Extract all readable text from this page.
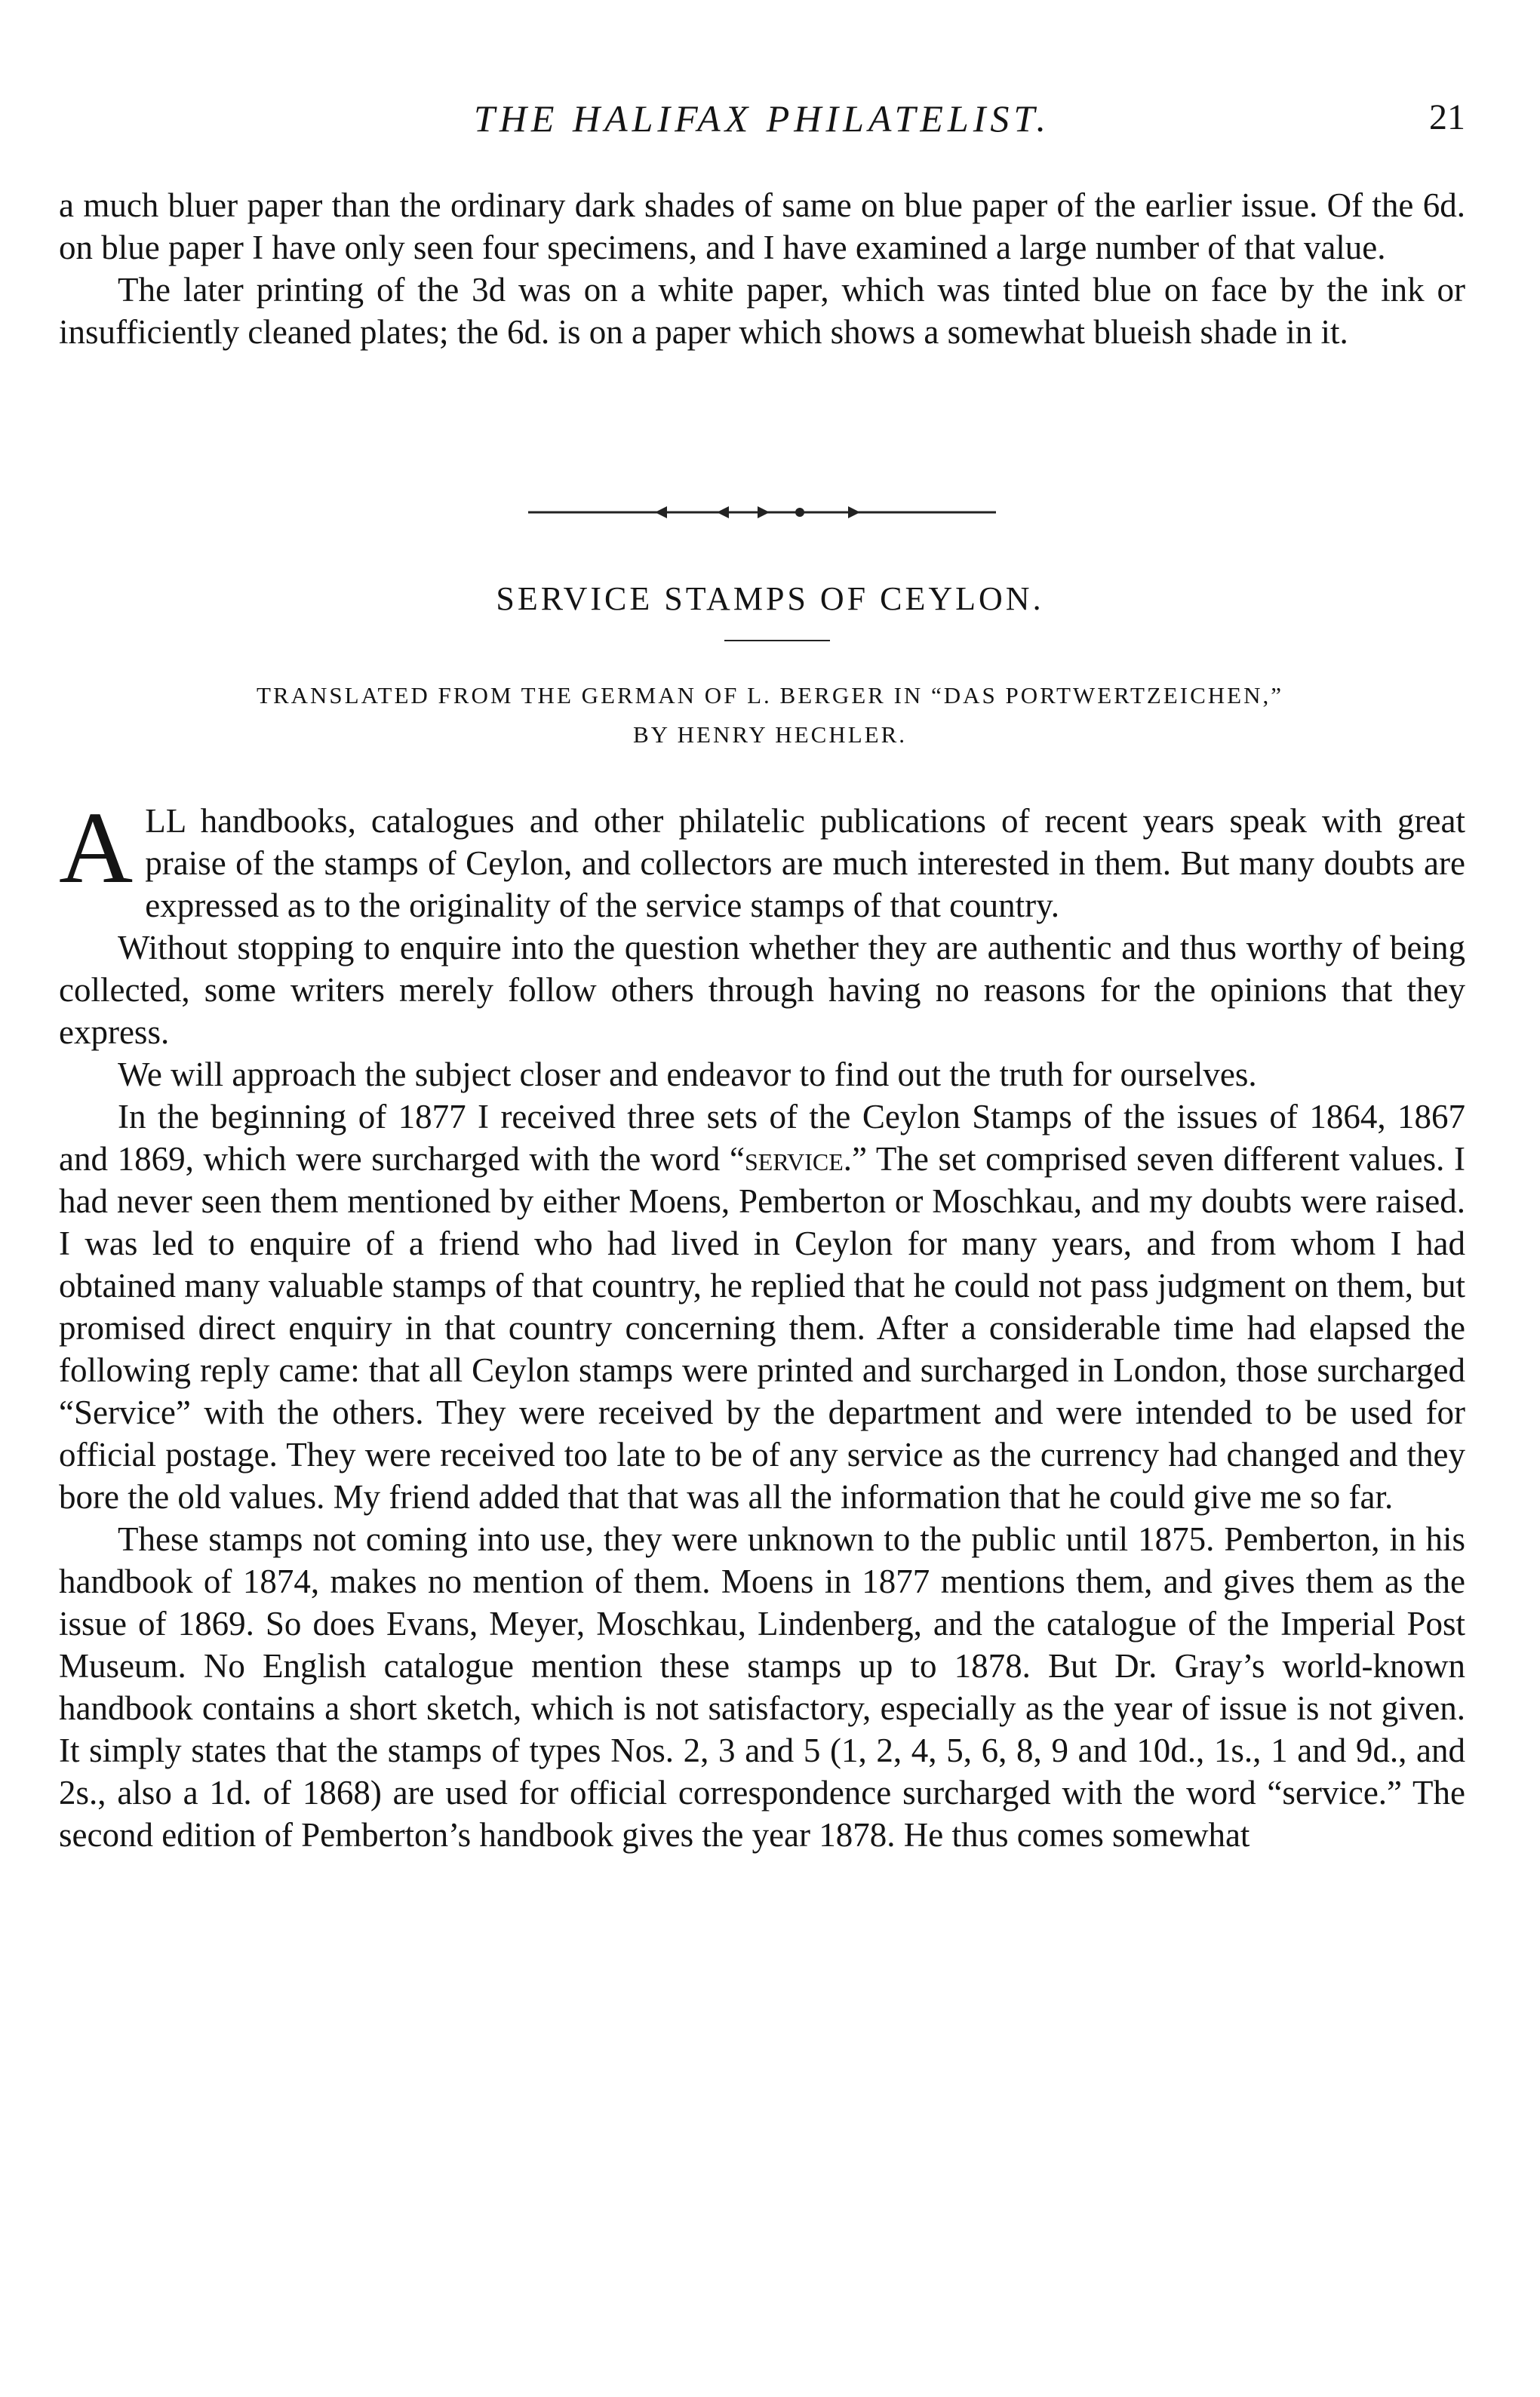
THE HALIFAX PHILATELIST.	21

a much bluer paper than the ordinary dark shades of same on blue paper of the earlier issue. Of the 6d. on blue paper I have only seen four specimens, and I have examined a large number of that value.

The later printing of the 3d was on a white paper, which was tinted blue on face by the ink or insufficiently cleaned plates; the 6d. is on a paper which shows a somewhat blueish shade in it.

SERVICE STAMPS OF CEYLON.
TRANSLATED FROM THE GERMAN OF L. BERGER IN “DAS PORTWERTZEICHEN,”
BY HENRY HECHLER.

ALL handbooks, catalogues and other philatelic publications of recent years speak with great praise of the stamps of Ceylon, and collectors are much interested in them. But many doubts are expressed as to the originality of the service stamps of that country.

Without stopping to enquire into the question whether they are authentic and thus worthy of being collected, some writers merely follow others through having no reasons for the opinions that they express.

We will approach the subject closer and endeavor to find out the truth for ourselves.

In the beginning of 1877 I received three sets of the Ceylon Stamps of the issues of 1864, 1867 and 1869, which were surcharged with the word “service.” The set comprised seven different values. I had never seen them mentioned by either Moens, Pemberton or Moschkau, and my doubts were raised. I was led to enquire of a friend who had lived in Ceylon for many years, and from whom I had obtained many valuable stamps of that country, he replied that he could not pass judgment on them, but promised direct enquiry in that country concerning them. After a considerable time had elapsed the following reply came: that all Ceylon stamps were printed and surcharged in London, those surcharged “Service” with the others. They were received by the department and were intended to be used for official postage. They were received too late to be of any service as the currency had changed and they bore the old values. My friend added that that was all the information that he could give me so far.

These stamps not coming into use, they were unknown to the public until 1875. Pemberton, in his handbook of 1874, makes no mention of them. Moens in 1877 mentions them, and gives them as the issue of 1869. So does Evans, Meyer, Moschkau, Lindenberg, and the catalogue of the Imperial Post Museum. No English catalogue mention these stamps up to 1878. But Dr. Gray’s world-known handbook contains a short sketch, which is not satisfactory, especially as the year of issue is not given. It simply states that the stamps of types Nos. 2, 3 and 5 (1, 2, 4, 5, 6, 8, 9 and 10d., 1s., 1 and 9d., and 2s., also a 1d. of 1868) are used for official correspondence surcharged with the word “service.” The second edition of Pemberton’s handbook gives the year 1878. He thus comes somewhat
